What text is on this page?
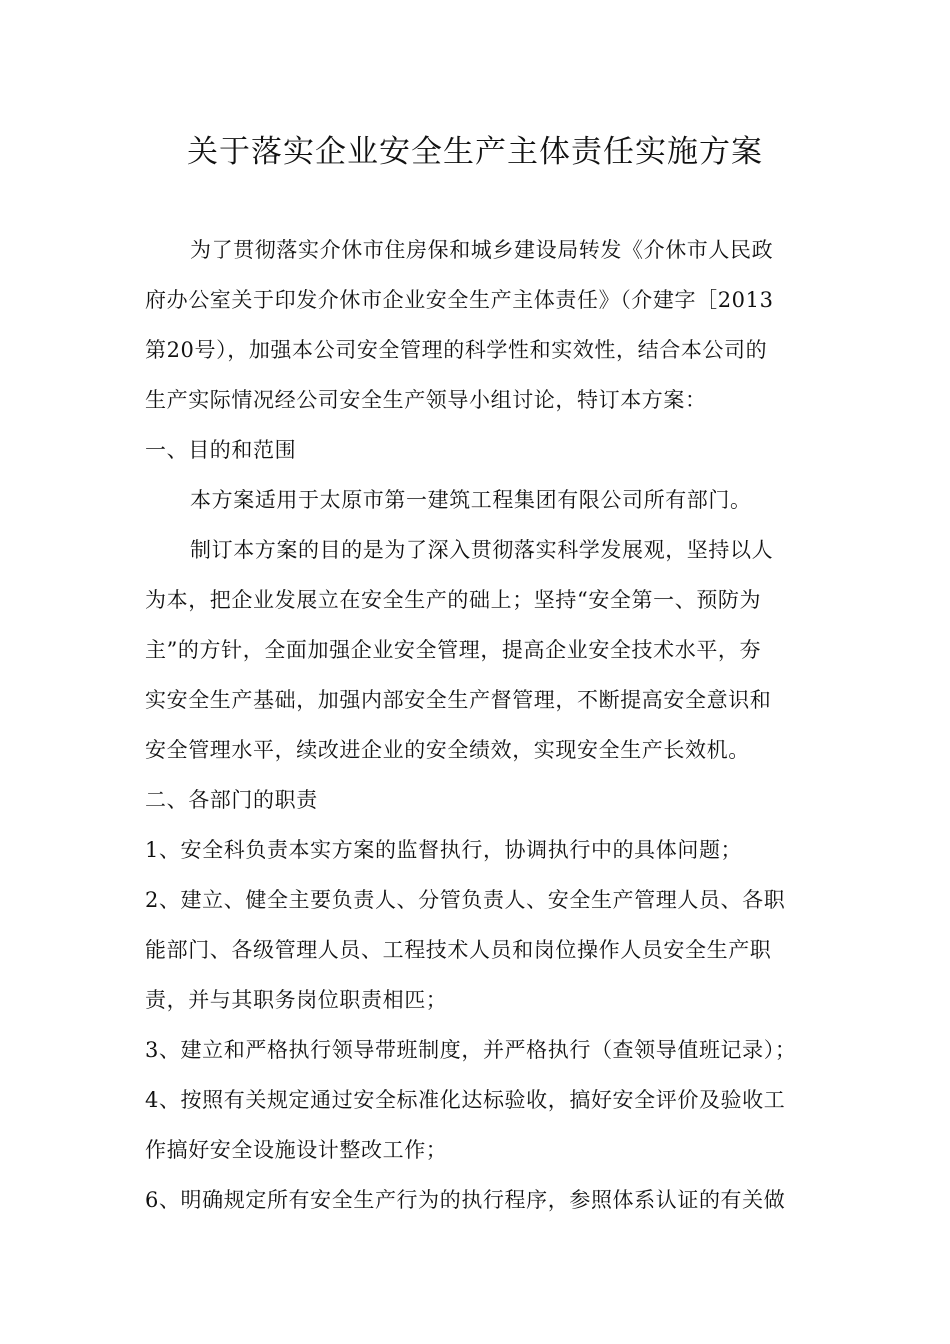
关于落实企业安全生产主体责任实施方案
为了贯彻落实介休市住房保和城乡建设局转发《介休市人民政
府办公室关于印发介休市企业安全生产主体责任》（介建字［2013
第20号），加强本公司安全管理的科学性和实效性，结合本公司的
生产实际情况经公司安全生产领导小组讨论，特订本方案：
一、目的和范围
本方案适用于太原市第一建筑工程集团有限公司所有部门。
制订本方案的目的是为了深入贯彻落实科学发展观，坚持以人
为本，把企业发展立在安全生产的础上；坚持“安全第一、预防为
主”的方针，全面加强企业安全管理，提高企业安全技术水平，夯
实安全生产基础，加强内部安全生产督管理，不断提高安全意识和
安全管理水平，续改进企业的安全绩效，实现安全生产长效机。
二、各部门的职责
1、安全科负责本实方案的监督执行，协调执行中的具体问题；
2、建立、健全主要负责人、分管负责人、安全生产管理人员、各职
能部门、各级管理人员、工程技术人员和岗位操作人员安全生产职
责，并与其职务岗位职责相匹；
3、建立和严格执行领导带班制度，并严格执行（查领导值班记录）；
4、按照有关规定通过安全标准化达标验收，搞好安全评价及验收工
作搞好安全设施设计整改工作；
6、明确规定所有安全生产行为的执行程序，参照体系认证的有关做
